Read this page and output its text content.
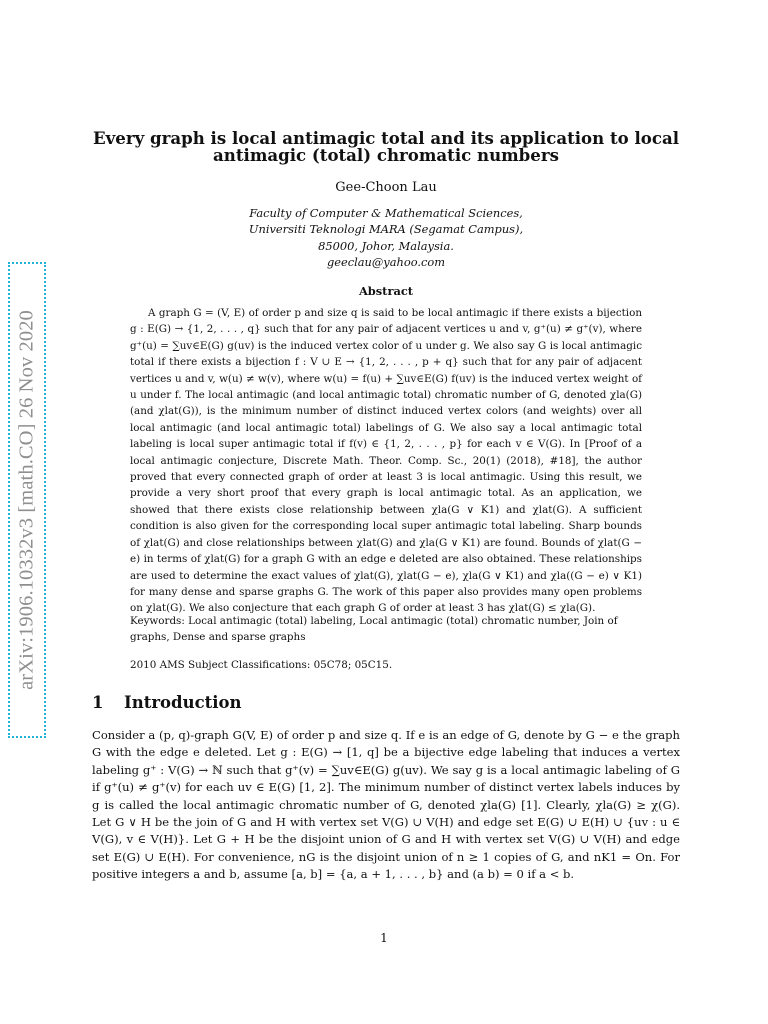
arXiv:1906.10332v3 [math.CO] 26 Nov 2020
Every graph is local antimagic total and its application to local antimagic (total) chromatic numbers
Gee-Choon Lau
Faculty of Computer & Mathematical Sciences,
Universiti Teknologi MARA (Segamat Campus),
85000, Johor, Malaysia.
geeclau@yahoo.com
Abstract

A graph G = (V, E) of order p and size q is said to be local antimagic if there exists a bijection g : E(G) → {1, 2, . . . , q} such that for any pair of adjacent vertices u and v, g⁺(u) ≠ g⁺(v), where g⁺(u) = ∑uv∈E(G) g(uv) is the induced vertex color of u under g. We also say G is local antimagic total if there exists a bijection f : V ∪ E → {1, 2, . . . , p + q} such that for any pair of adjacent vertices u and v, w(u) ≠ w(v), where w(u) = f(u) + ∑uv∈E(G) f(uv) is the induced vertex weight of u under f. The local antimagic (and local antimagic total) chromatic number of G, denoted χla(G) (and χlat(G)), is the minimum number of distinct induced vertex colors (and weights) over all local antimagic (and local antimagic total) labelings of G. We also say a local antimagic total labeling is local super antimagic total if f(v) ∈ {1, 2, . . . , p} for each v ∈ V(G). In [Proof of a local antimagic conjecture, Discrete Math. Theor. Comp. Sc., 20(1) (2018), #18], the author proved that every connected graph of order at least 3 is local antimagic. Using this result, we provide a very short proof that every graph is local antimagic total. As an application, we showed that there exists close relationship between χla(G ∨ K1) and χlat(G). A sufficient condition is also given for the corresponding local super antimagic total labeling. Sharp bounds of χlat(G) and close relationships between χlat(G) and χla(G ∨ K1) are found. Bounds of χlat(G − e) in terms of χlat(G) for a graph G with an edge e deleted are also obtained. These relationships are used to determine the exact values of χlat(G), χlat(G − e), χla(G ∨ K1) and χla((G − e) ∨ K1) for many dense and sparse graphs G. The work of this paper also provides many open problems on χlat(G). We also conjecture that each graph G of order at least 3 has χlat(G) ≤ χla(G).

Keywords: Local antimagic (total) labeling, Local antimagic (total) chromatic number, Join of graphs, Dense and sparse graphs
2010 AMS Subject Classifications: 05C78; 05C15.
1 Introduction

Consider a (p, q)-graph G(V, E) of order p and size q. If e is an edge of G, denote by G − e the graph G with the edge e deleted. Let g : E(G) → [1, q] be a bijective edge labeling that induces a vertex labeling g⁺ : V(G) → ℕ such that g⁺(v) = ∑uv∈E(G) g(uv). We say g is a local antimagic labeling of G if g⁺(u) ≠ g⁺(v) for each uv ∈ E(G) [1, 2]. The minimum number of distinct vertex labels induces by g is called the local antimagic chromatic number of G, denoted χla(G) [1]. Clearly, χla(G) ≥ χ(G). Let G ∨ H be the join of G and H with vertex set V(G) ∪ V(H) and edge set E(G) ∪ E(H) ∪ {uv : u ∈ V(G), v ∈ V(H)}. Let G + H be the disjoint union of G and H with vertex set V(G) ∪ V(H) and edge set E(G) ∪ E(H). For convenience, nG is the disjoint union of n ≥ 1 copies of G, and nK1 = On. For positive integers a and b, assume [a, b] = {a, a + 1, . . . , b} and (a b) = 0 if a < b.

1
